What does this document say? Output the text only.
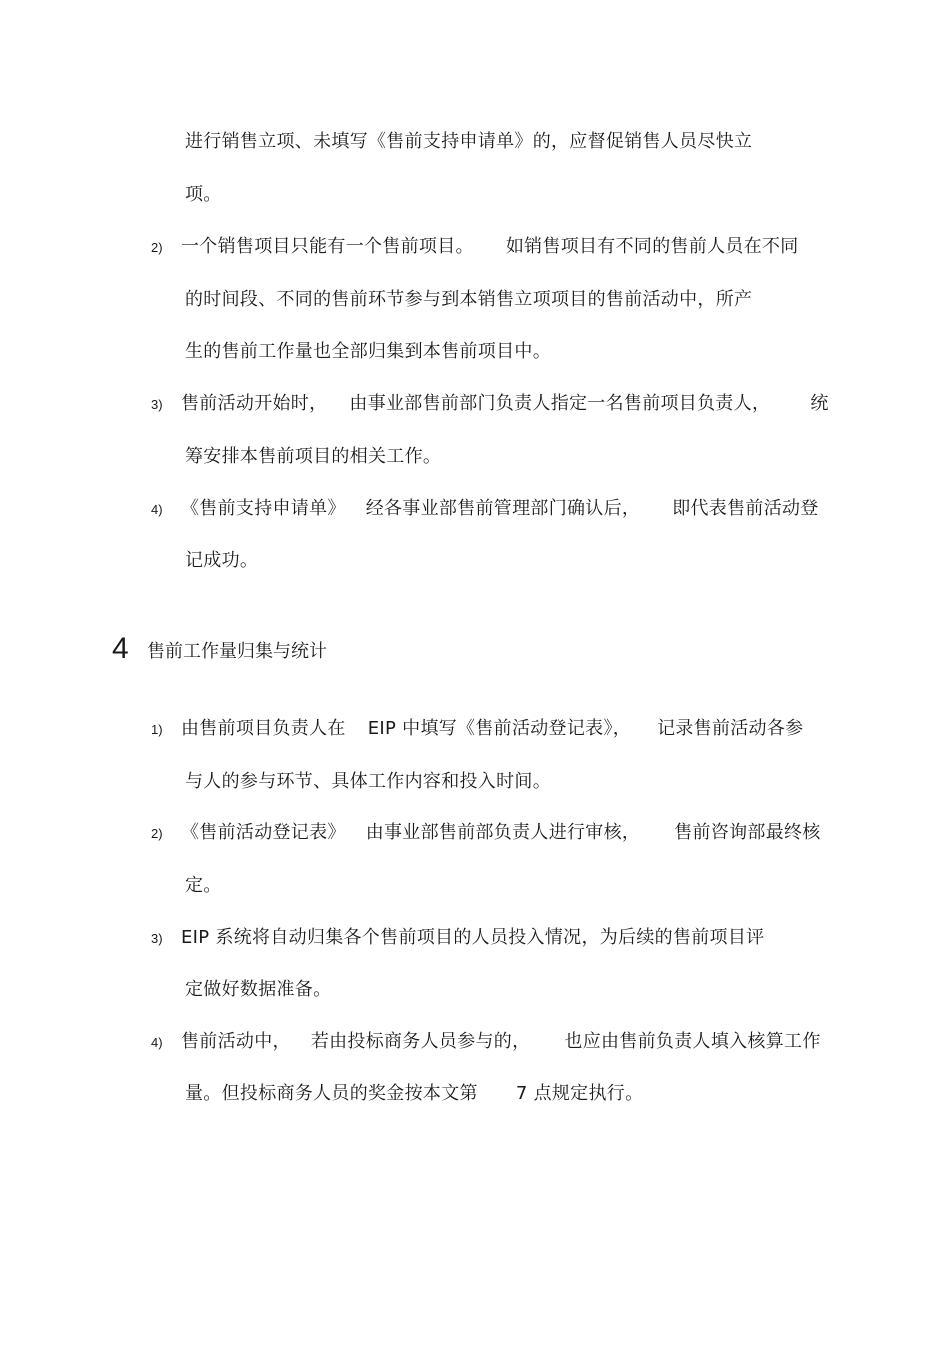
进行销售立项、未填写《售前支持申请单》的，应督促销售人员尽快立
项。
2) 一个销售项目只能有一个售前项目。 如销售项目有不同的售前人员在不同
的时间段、不同的售前环节参与到本销售立项项目的售前活动中，所产
生的售前工作量也全部归集到本售前项目中。
3) 售前活动开始时， 由事业部售前部门负责人指定一名售前项目负责人， 统
筹安排本售前项目的相关工作。
4) 《售前支持申请单》 经各事业部售前管理部门确认后， 即代表售前活动登
记成功。
4 售前工作量归集与统计
1) 由售前项目负责人在 EIP 中填写《售前活动登记表》， 记录售前活动各参
与人的参与环节、具体工作内容和投入时间。
2) 《售前活动登记表》 由事业部售前部负责人进行审核， 售前咨询部最终核
定。
3) EIP 系统将自动归集各个售前项目的人员投入情况，为后续的售前项目评
定做好数据准备。
4) 售前活动中， 若由投标商务人员参与的， 也应由售前负责人填入核算工作
量。但投标商务人员的奖金按本文第 7 点规定执行。
